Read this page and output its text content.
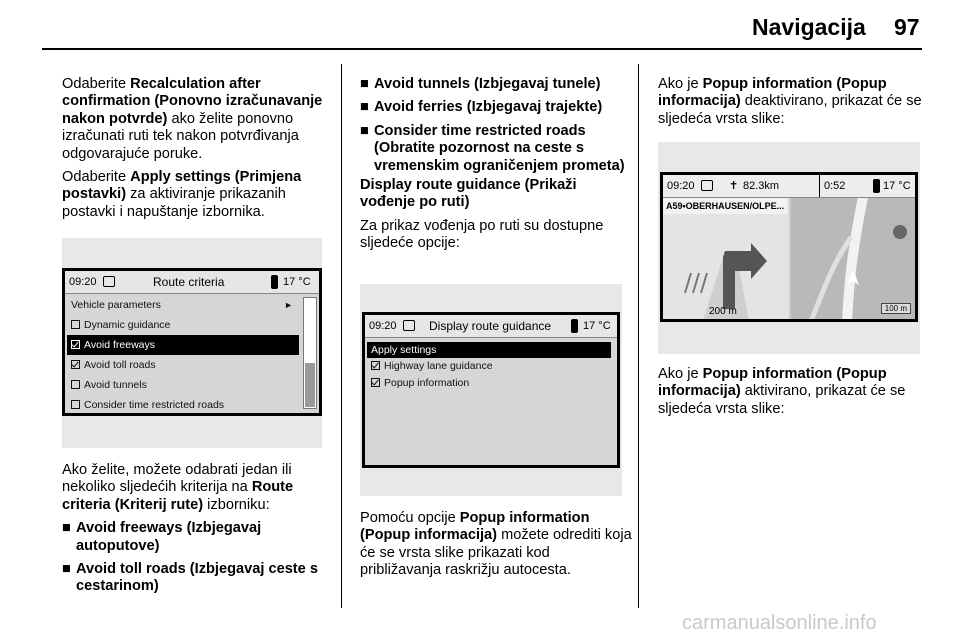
Navigacija 97

Odaberite Recalculation after confirmation (Ponovno izračunavanje nakon potvrde) ako želite ponovno izračunati ruti tek nakon potvrđivanja odgovarajuće poruke.

Odaberite Apply settings (Primjena postavki) za aktiviranje prikazanih postavki i napuštanje izbornika.

09:20	Route criteria	17 °C
Vehicle parameters	►
Dynamic guidance
Avoid freeways
Avoid toll roads
Avoid tunnels
Consider time restricted roads

Ako želite, možete odabrati jedan ili nekoliko sljedećih kriterija na Route criteria (Kriterij rute) izborniku:

■ Avoid freeways (Izbjegavaj autoputove)
■ Avoid toll roads (Izbjegavaj ceste s cestarinom)
■ Avoid tunnels (Izbjegavaj tunele)
■ Avoid ferries (Izbjegavaj trajekte)
■ Consider time restricted roads (Obratite pozornost na ceste s vremenskim ograničenjem prometa)

Display route guidance (Prikaži vođenje po ruti)

Za prikaz vođenja po ruti su dostupne sljedeće opcije:

09:20	Display route guidance	17 °C
Apply settings
Highway lane guidance
Popup information

Pomoću opcije Popup information (Popup informacija) možete odrediti koja će se vrsta slike prikazati kod približavanja raskrižju autocesta.

Ako je Popup information (Popup informacija) deaktivirano, prikazat će se sljedeća vrsta slike:

200 m	100 m
09:20	✝ 82.3km	0:52	17 °C
A59•OBERHAUSEN/OLPE...

Ako je Popup information (Popup informacija) aktivirano, prikazat će se sljedeća vrsta slike:

carmanualsonline.info
